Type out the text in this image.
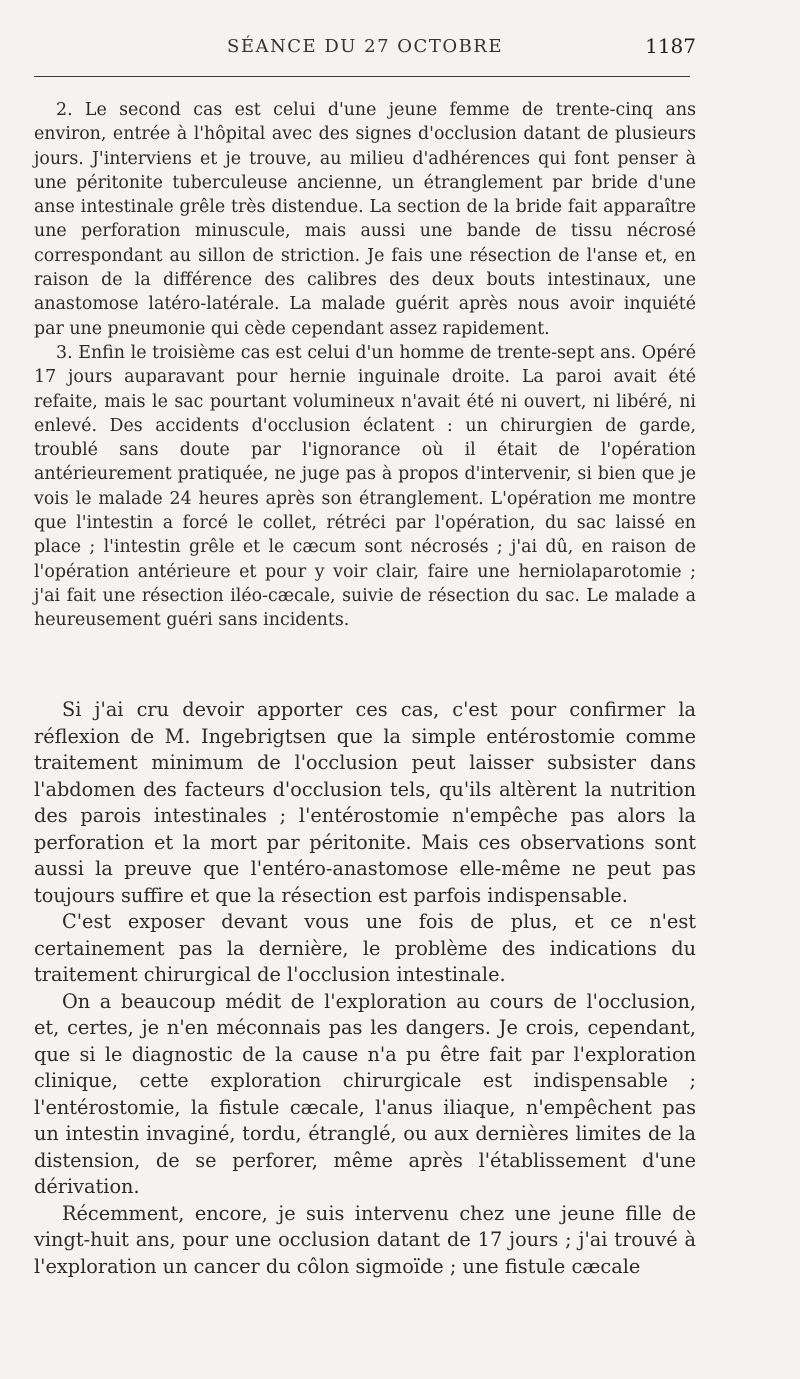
SÉANCE DU 27 OCTOBRE	1187

2. Le second cas est celui d'une jeune femme de trente-cinq ans environ, entrée à l'hôpital avec des signes d'occlusion datant de plusieurs jours. J'interviens et je trouve, au milieu d'adhérences qui font penser à une péritonite tuberculeuse ancienne, un étranglement par bride d'une anse intestinale grêle très distendue. La section de la bride fait apparaître une perforation minuscule, mais aussi une bande de tissu nécrosé correspondant au sillon de striction. Je fais une résection de l'anse et, en raison de la différence des calibres des deux bouts intestinaux, une anastomose latéro-latérale. La malade guérit après nous avoir inquiété par une pneumonie qui cède cependant assez rapidement.

3. Enfin le troisième cas est celui d'un homme de trente-sept ans. Opéré 17 jours auparavant pour hernie inguinale droite. La paroi avait été refaite, mais le sac pourtant volumineux n'avait été ni ouvert, ni libéré, ni enlevé. Des accidents d'occlusion éclatent : un chirurgien de garde, troublé sans doute par l'ignorance où il était de l'opération antérieurement pratiquée, ne juge pas à propos d'intervenir, si bien que je vois le malade 24 heures après son étranglement. L'opération me montre que l'intestin a forcé le collet, rétréci par l'opération, du sac laissé en place ; l'intestin grêle et le cæcum sont nécrosés ; j'ai dû, en raison de l'opération antérieure et pour y voir clair, faire une herniolaparotomie ; j'ai fait une résection iléo-cæcale, suivie de résection du sac. Le malade a heureusement guéri sans incidents.

Si j'ai cru devoir apporter ces cas, c'est pour confirmer la réflexion de M. Ingebrigtsen que la simple entérostomie comme traitement minimum de l'occlusion peut laisser subsister dans l'abdomen des facteurs d'occlusion tels, qu'ils altèrent la nutrition des parois intestinales ; l'entérostomie n'empêche pas alors la perforation et la mort par péritonite. Mais ces observations sont aussi la preuve que l'entéro-anastomose elle-même ne peut pas toujours suffire et que la résection est parfois indispensable.

C'est exposer devant vous une fois de plus, et ce n'est certainement pas la dernière, le problème des indications du traitement chirurgical de l'occlusion intestinale.

On a beaucoup médit de l'exploration au cours de l'occlusion, et, certes, je n'en méconnais pas les dangers. Je crois, cependant, que si le diagnostic de la cause n'a pu être fait par l'exploration clinique, cette exploration chirurgicale est indispensable ; l'entérostomie, la fistule cæcale, l'anus iliaque, n'empêchent pas un intestin invaginé, tordu, étranglé, ou aux dernières limites de la distension, de se perforer, même après l'établissement d'une dérivation.

Récemment, encore, je suis intervenu chez une jeune fille de vingt-huit ans, pour une occlusion datant de 17 jours ; j'ai trouvé à l'exploration un cancer du côlon sigmoïde ; une fistule cæcale
